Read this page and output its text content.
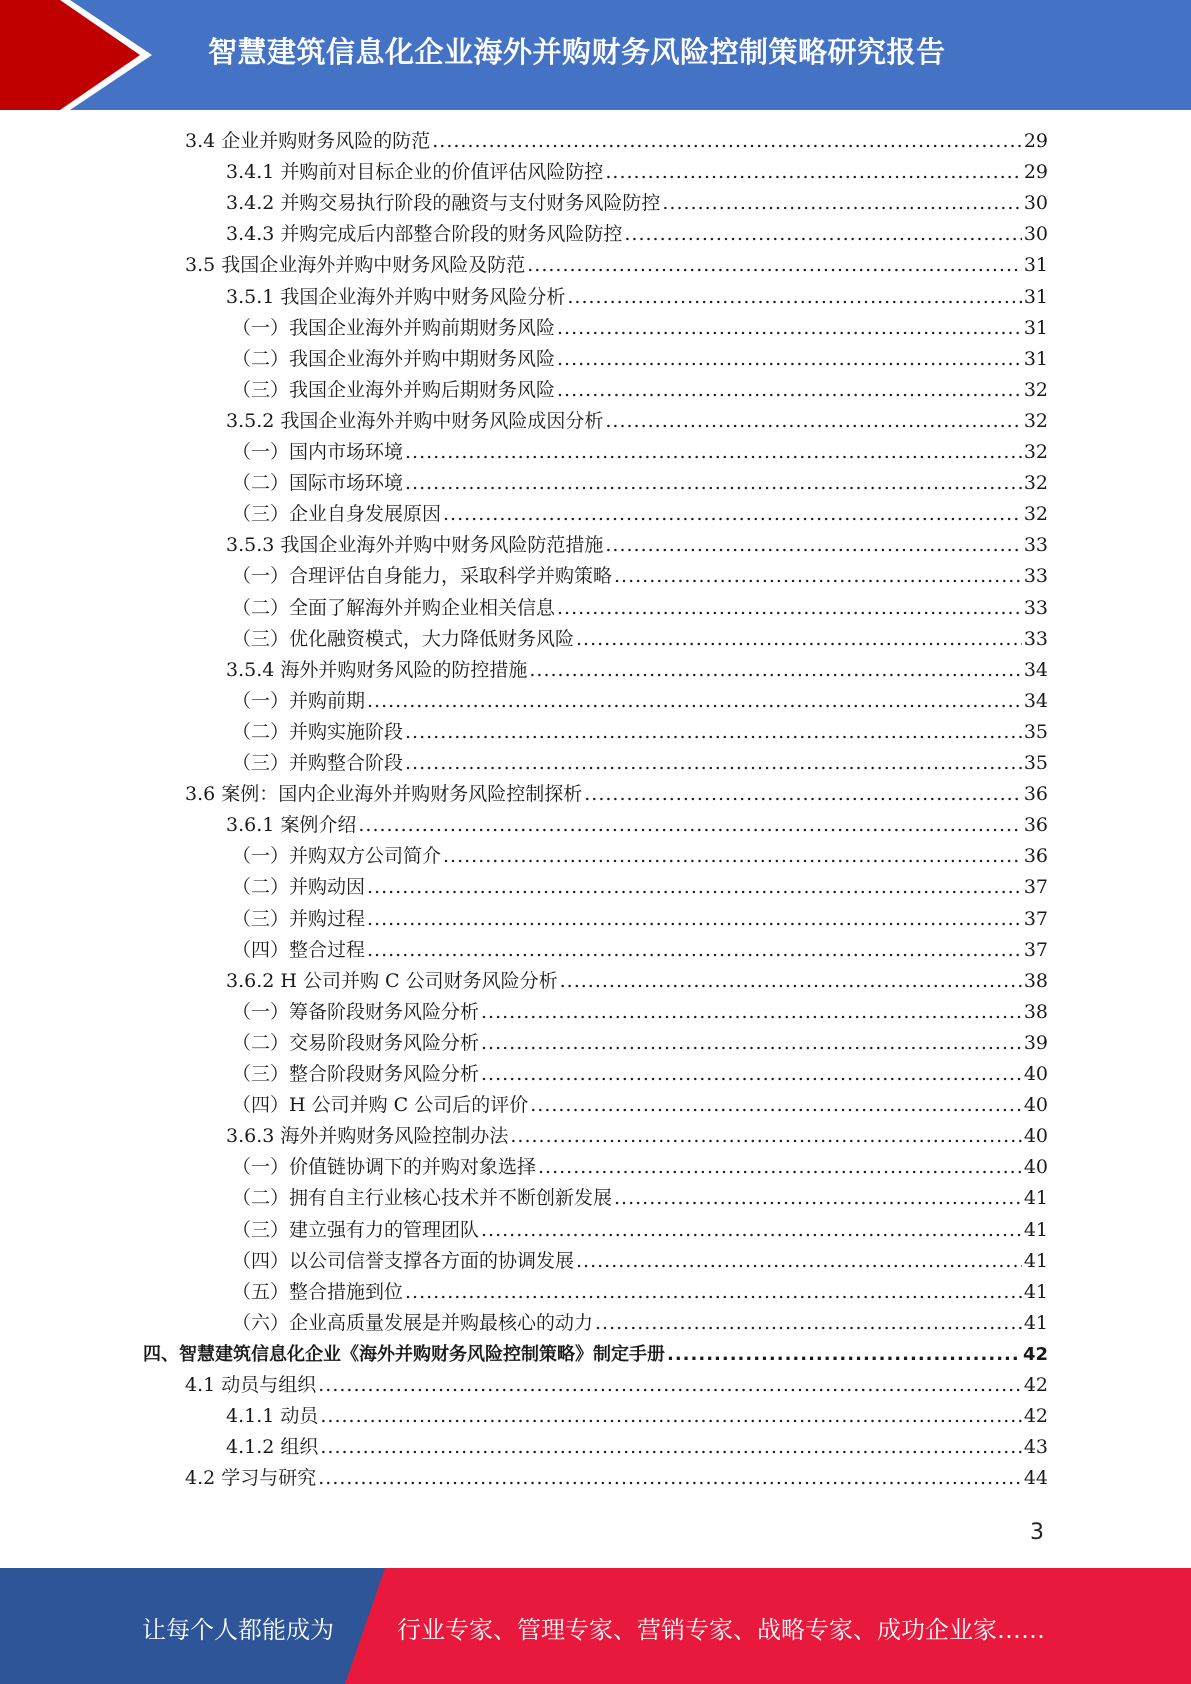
智慧建筑信息化企业海外并购财务风险控制策略研究报告
3.4 企业并购财务风险的防范 .....	29
3.4.1 并购前对目标企业的价值评估风险防控 .....	29
3.4.2 并购交易执行阶段的融资与支付财务风险防控 .....	30
3.4.3 并购完成后内部整合阶段的财务风险防控 .....	30
3.5 我国企业海外并购中财务风险及防范 .....	31
3.5.1 我国企业海外并购中财务风险分析 .....	31
（一）我国企业海外并购前期财务风险 .....	31
（二）我国企业海外并购中期财务风险 .....	31
（三）我国企业海外并购后期财务风险 .....	32
3.5.2 我国企业海外并购中财务风险成因分析 .....	32
（一）国内市场环境 .....	32
（二）国际市场环境 .....	32
（三）企业自身发展原因 .....	32
3.5.3 我国企业海外并购中财务风险防范措施 .....	33
（一）合理评估自身能力，采取科学并购策略 .....	33
（二）全面了解海外并购企业相关信息 .....	33
（三）优化融资模式，大力降低财务风险 .....	33
3.5.4 海外并购财务风险的防控措施 .....	34
（一）并购前期 .....	34
（二）并购实施阶段 .....	35
（三）并购整合阶段 .....	35
3.6 案例：国内企业海外并购财务风险控制探析 .....	36
3.6.1 案例介绍 .....	36
（一）并购双方公司简介 .....	36
（二）并购动因 .....	37
（三）并购过程 .....	37
（四）整合过程 .....	37
3.6.2 H 公司并购 C 公司财务风险分析 .....	38
（一）筹备阶段财务风险分析 .....	38
（二）交易阶段财务风险分析 .....	39
（三）整合阶段财务风险分析 .....	40
（四）H 公司并购 C 公司后的评价 .....	40
3.6.3 海外并购财务风险控制办法 .....	40
（一）价值链协调下的并购对象选择 .....	40
（二）拥有自主行业核心技术并不断创新发展 .....	41
（三）建立强有力的管理团队 .....	41
（四）以公司信誉支撑各方面的协调发展 .....	41
（五）整合措施到位 .....	41
（六）企业高质量发展是并购最核心的动力 .....	41
四、智慧建筑信息化企业《海外并购财务风险控制策略》制定手册 .....	42
4.1 动员与组织 .....	42
4.1.1 动员 .....	42
4.1.2 组织 .....	43
4.2 学习与研究 .....	44
3
让每个人都能成为	行业专家、管理专家、营销专家、战略专家、成功企业家……
